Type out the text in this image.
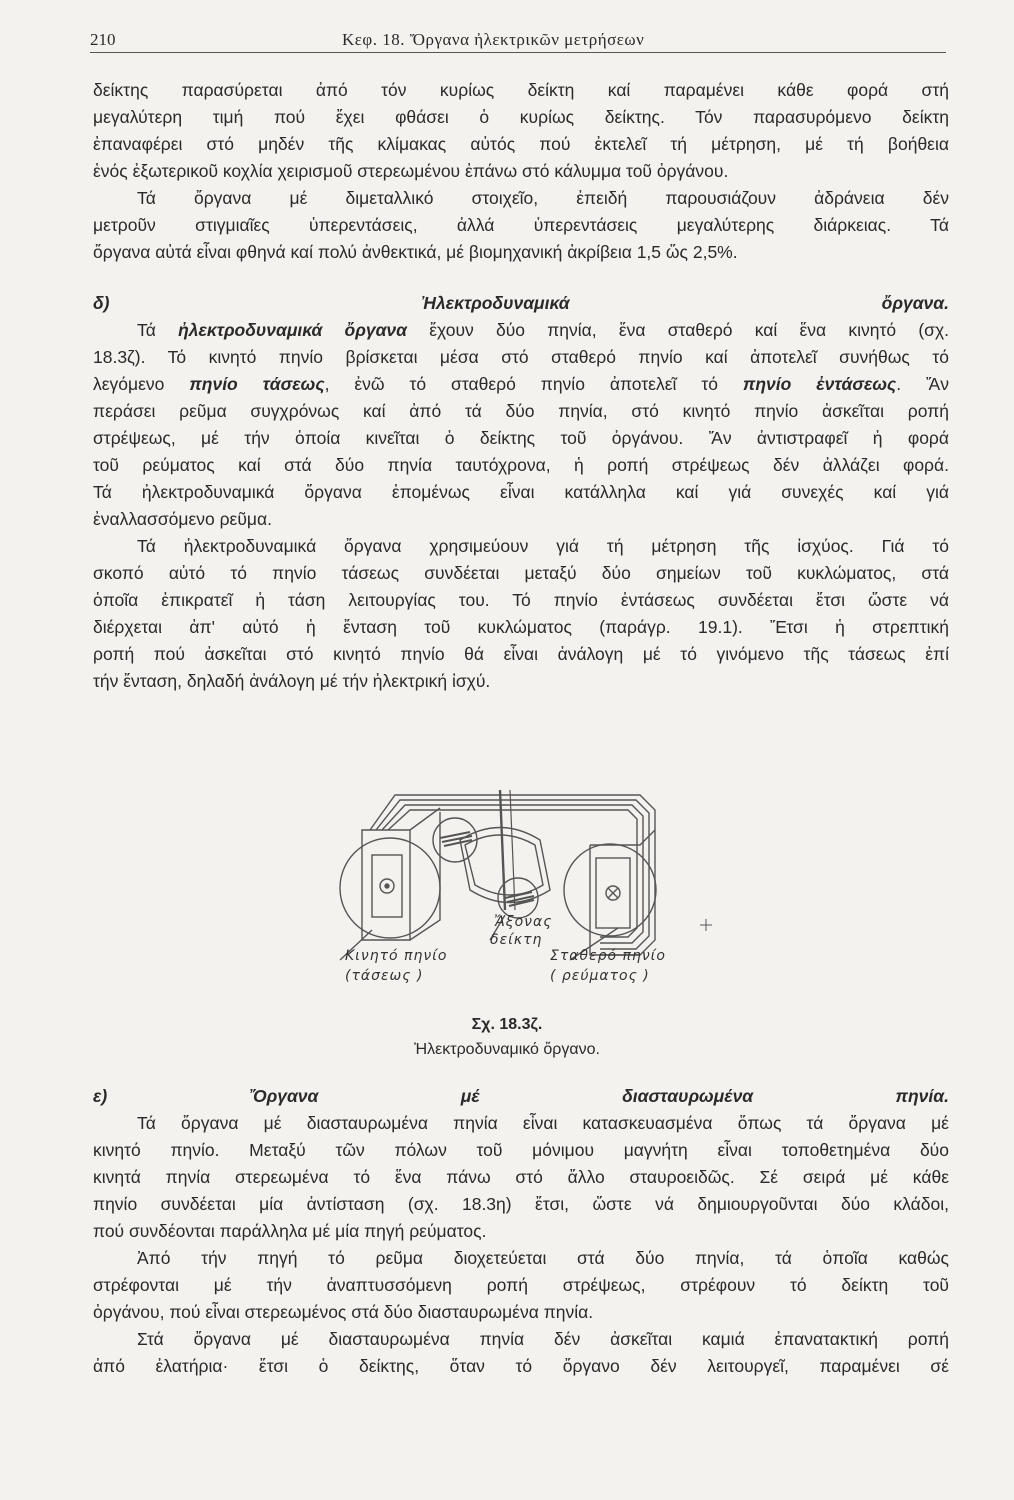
210	Κεφ. 18. Ὄργανα ἠλεκτρικῶν μετρήσεων

δείκτης παρασύρεται ἀπό τόν κυρίως δείκτη καί παραμένει κάθε φορά στή

μεγαλύτερη τιμή πού ἔχει φθάσει ὁ κυρίως δείκτης. Τόν παρασυρόμενο δείκτη

ἐπαναφέρει στό μηδέν τῆς κλίμακας αὐτός πού ἐκτελεῖ τή μέτρηση, μέ τή βοήθεια

ἑνός ἐξωτερικοῦ κοχλία χειρισμοῦ στερεωμένου ἐπάνω στό κάλυμμα τοῦ ὀργάνου.

Τά ὄργανα μέ διμεταλλικό στοιχεῖο, ἐπειδή παρουσιάζουν ἀδράνεια δέν

μετροῦν στιγμιαῖες ὑπερεντάσεις, ἀλλά ὑπερεντάσεις μεγαλύτερης διάρκειας. Τά

ὄργανα αὐτά εἶναι φθηνά καί πολύ ἀνθεκτικά, μέ βιομηχανική ἀκρίβεια 1,5 ὥς 2,5%.

δ) Ἠλεκτροδυναμικά ὄργανα.

Τά ἠλεκτροδυναμικά ὄργανα ἔχουν δύο πηνία, ἕνα σταθερό καί ἕνα κινητό (σχ.

18.3ζ). Τό κινητό πηνίο βρίσκεται μέσα στό σταθερό πηνίο καί ἀποτελεῖ συνήθως τό

λεγόμενο πηνίο τάσεως, ἐνῶ τό σταθερό πηνίο ἀποτελεῖ τό πηνίο ἐντάσεως. Ἄν

περάσει ρεῦμα συγχρόνως καί ἀπό τά δύο πηνία, στό κινητό πηνίο ἀσκεῖται ροπή

στρέψεως, μέ τήν ὁποία κινεῖται ὁ δείκτης τοῦ ὀργάνου. Ἄν ἀντιστραφεῖ ἡ φορά

τοῦ ρεύματος καί στά δύο πηνία ταυτόχρονα, ἡ ροπή στρέψεως δέν ἀλλάζει φορά.

Τά ἠλεκτροδυναμικά ὄργανα ἑπομένως εἶναι κατάλληλα καί γιά συνεχές καί γιά

ἐναλλασσόμενο ρεῦμα.

Τά ἠλεκτροδυναμικά ὄργανα χρησιμεύουν γιά τή μέτρηση τῆς ἰσχύος. Γιά τό

σκοπό αὐτό τό πηνίο τάσεως συνδέεται μεταξύ δύο σημείων τοῦ κυκλώματος, στά

ὁποῖα ἐπικρατεῖ ἡ τάση λειτουργίας του. Τό πηνίο ἐντάσεως συνδέεται ἔτσι ὥστε νά

διέρχεται ἀπ' αὐτό ἡ ἔνταση τοῦ κυκλώματος (παράγρ. 19.1). Ἔτσι ἡ στρεπτική

ροπή πού ἀσκεῖται στό κινητό πηνίο θά εἶναι ἀνάλογη μέ τό γινόμενο τῆς τάσεως ἐπί

τήν ἔνταση, δηλαδή ἀνάλογη μέ τήν ἠλεκτρική ἰσχύ.

Ἄξονας
δείκτη
Κινητό πηνίο
(τάσεως )
Σταθερό πηνίο
( ρεύματος )
Σχ. 18.3ζ.
Ἠλεκτροδυναμικό ὄργανο.

ε) Ὄργανα μέ διασταυρωμένα πηνία.

Τά ὄργανα μέ διασταυρωμένα πηνία εἶναι κατασκευασμένα ὅπως τά ὄργανα μέ

κινητό πηνίο. Μεταξύ τῶν πόλων τοῦ μόνιμου μαγνήτη εἶναι τοποθετημένα δύο

κινητά πηνία στερεωμένα τό ἕνα πάνω στό ἄλλο σταυροειδῶς. Σέ σειρά μέ κάθε

πηνίο συνδέεται μία ἀντίσταση (σχ. 18.3η) ἔτσι, ὥστε νά δημιουργοῦνται δύο κλάδοι,

πού συνδέονται παράλληλα μέ μία πηγή ρεύματος.

Ἀπό τήν πηγή τό ρεῦμα διοχετεύεται στά δύο πηνία, τά ὁποῖα καθώς

στρέφονται μέ τήν ἀναπτυσσόμενη ροπή στρέψεως, στρέφουν τό δείκτη τοῦ

ὀργάνου, πού εἶναι στερεωμένος στά δύο διασταυρωμένα πηνία.

Στά ὄργανα μέ διασταυρωμένα πηνία δέν ἀσκεῖται καμιά ἐπανατακτική ροπή

ἀπό ἐλατήρια· ἔτσι ὁ δείκτης, ὅταν τό ὄργανο δέν λειτουργεῖ, παραμένει σέ
